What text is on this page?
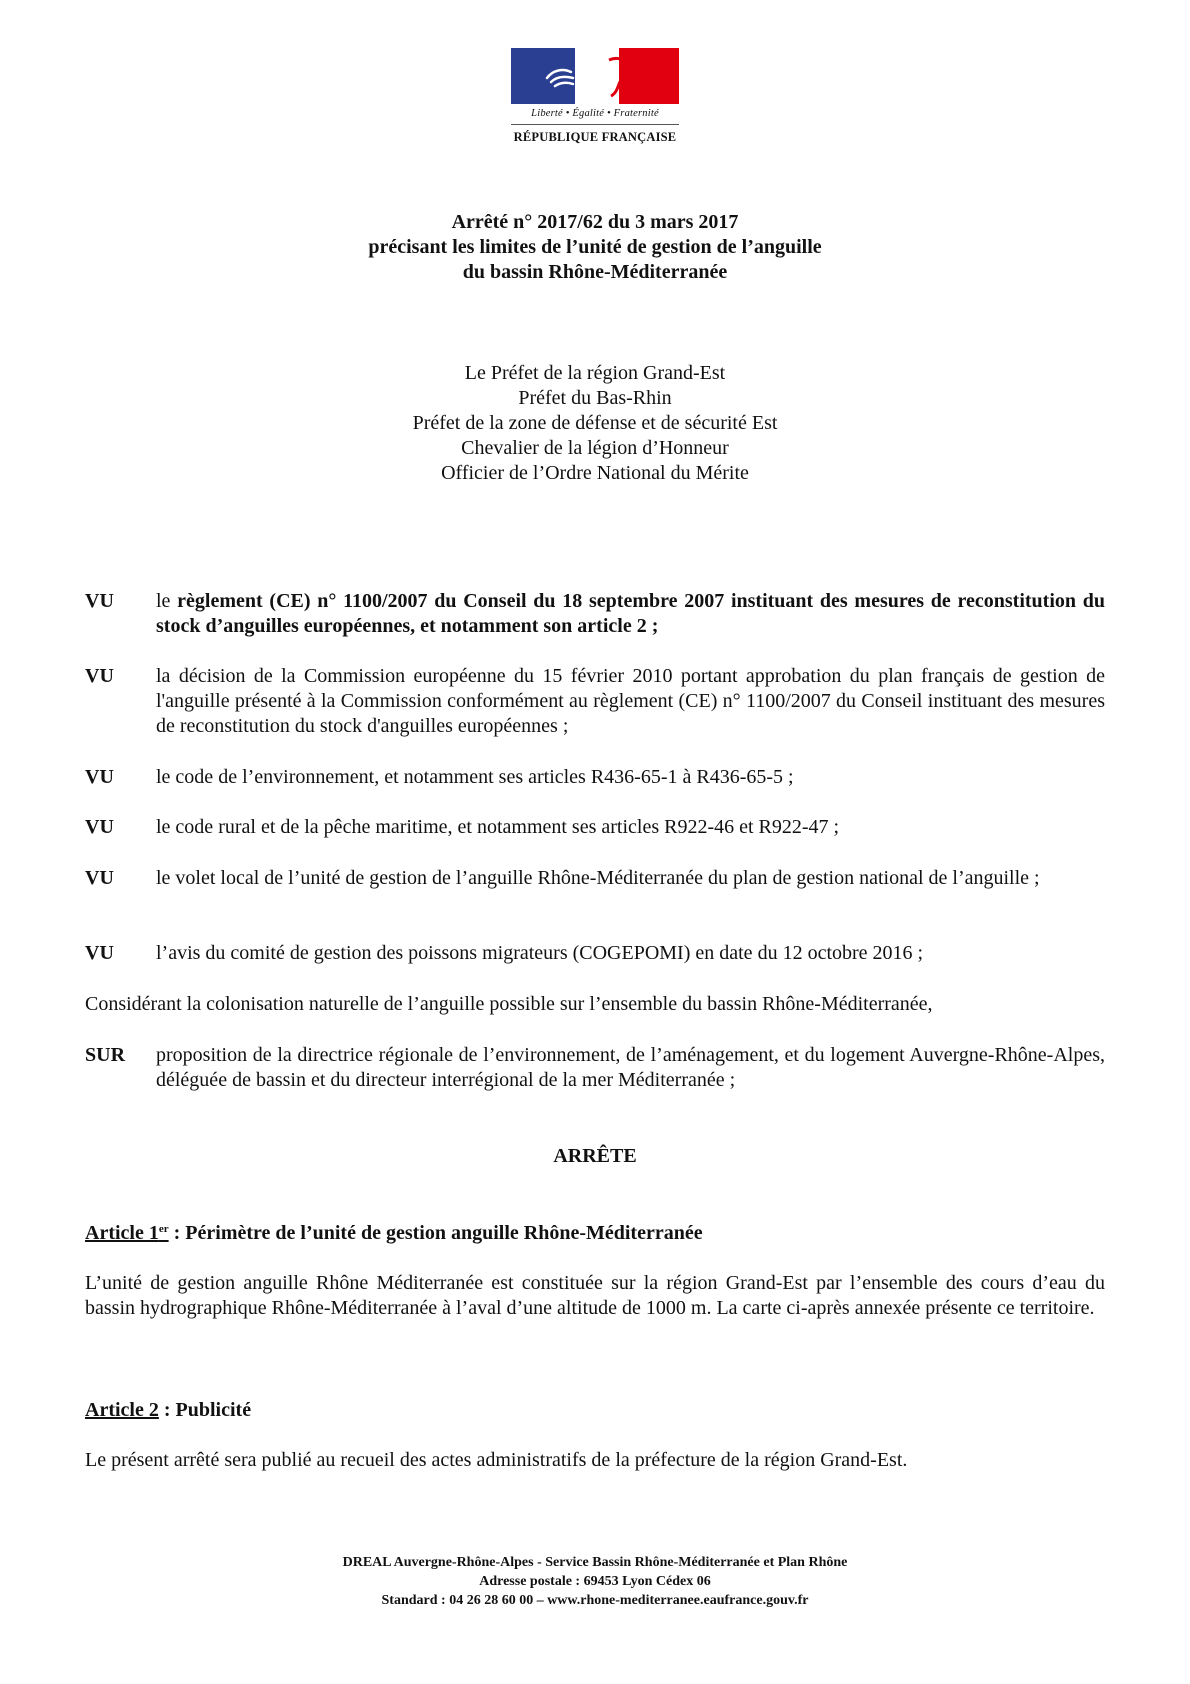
Liberté • Égalité • Fraternité
RÉPUBLIQUE FRANÇAISE
Arrêté n° 2017/62 du 3 mars 2017
précisant les limites de l’unité de gestion de l’anguille
du bassin Rhône-Méditerranée
Le Préfet de la région Grand-Est
Préfet du Bas-Rhin
Préfet de la zone de défense et de sécurité Est
Chevalier de la légion d’Honneur
Officier de l’Ordre National du Mérite
VU le règlement (CE) n° 1100/2007 du Conseil du 18 septembre 2007 instituant des mesures de reconstitution du stock d’anguilles européennes, et notamment son article 2 ;
VU la décision de la Commission européenne du 15 février 2010 portant approbation du plan français de gestion de l'anguille présenté à la Commission conformément au règlement (CE) n° 1100/2007 du Conseil instituant des mesures de reconstitution du stock d'anguilles européennes ;
VU le code de l’environnement, et notamment ses articles R436-65-1 à R436-65-5 ;
VU le code rural et de la pêche maritime, et notamment ses articles R922-46 et R922-47 ;
VU le volet local de l’unité de gestion de l’anguille Rhône-Méditerranée du plan de gestion national de l’anguille ;
VU l’avis du comité de gestion des poissons migrateurs (COGEPOMI) en date du 12 octobre 2016 ;
Considérant la colonisation naturelle de l’anguille possible sur l’ensemble du bassin Rhône-Méditerranée,
SUR proposition de la directrice régionale de l’environnement, de l’aménagement, et du logement Auvergne-Rhône-Alpes, déléguée de bassin et du directeur interrégional de la mer Méditerranée ;
ARRÊTE
Article 1er : Périmètre de l’unité de gestion anguille Rhône-Méditerranée
L’unité de gestion anguille Rhône Méditerranée est constituée sur la région Grand-Est par l’ensemble des cours d’eau du bassin hydrographique Rhône-Méditerranée à l’aval d’une altitude de 1000 m. La carte ci-après annexée présente ce territoire.
Article 2 : Publicité
Le présent arrêté sera publié au recueil des actes administratifs de la préfecture de la région Grand-Est.
DREAL Auvergne-Rhône-Alpes - Service Bassin Rhône-Méditerranée et Plan Rhône
Adresse postale : 69453 Lyon Cédex 06
Standard : 04 26 28 60 00 – www.rhone-mediterranee.eaufrance.gouv.fr
